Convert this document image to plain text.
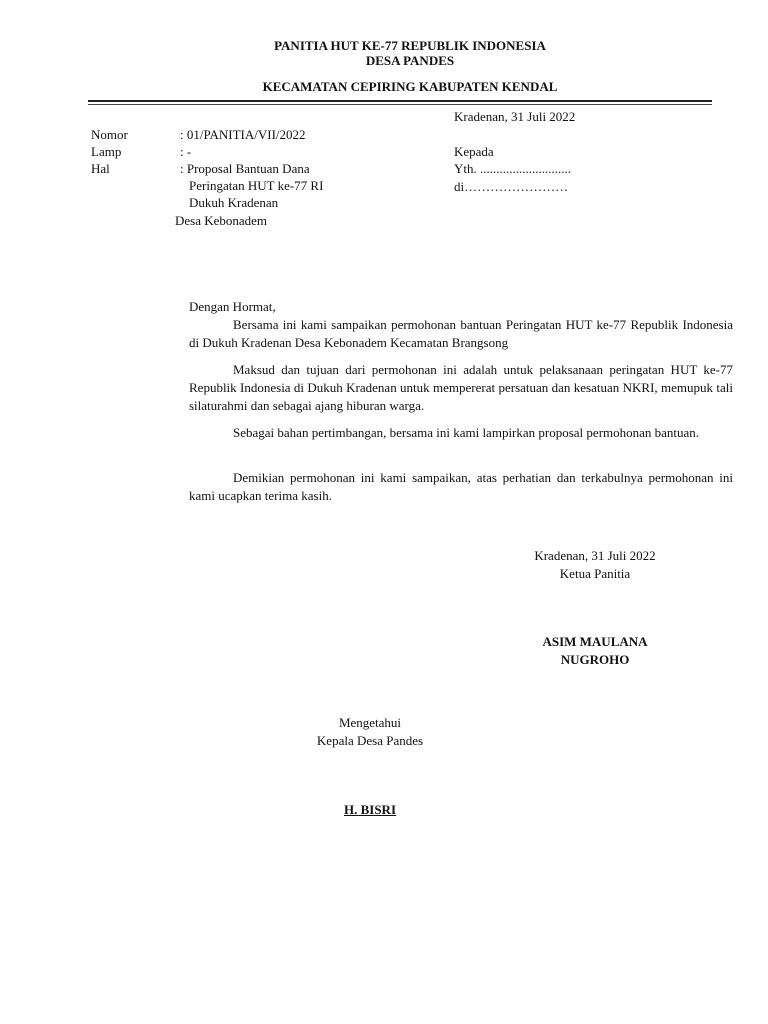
PANITIA HUT KE-77 REPUBLIK INDONESIA
DESA PANDES
KECAMATAN CEPIRING KABUPATEN KENDAL
Kradenan, 31 Juli 2022
Nomor	: 01/PANITIA/VII/2022
Lamp	: -
Hal	: Proposal Bantuan Dana
Peringatan HUT ke-77 RI
Dukuh Kradenan
Desa Kebonadem
Kepada
Yth. ............................
di……………………
Dengan Hormat,
Bersama ini kami sampaikan permohonan bantuan Peringatan HUT ke-77 Republik Indonesia di Dukuh Kradenan Desa Kebonadem Kecamatan Brangsong
Maksud dan tujuan dari permohonan ini adalah untuk pelaksanaan peringatan HUT ke-77 Republik Indonesia di Dukuh Kradenan untuk mempererat persatuan dan kesatuan NKRI, memupuk tali silaturahmi dan sebagai ajang hiburan warga.
Sebagai bahan pertimbangan, bersama ini kami lampirkan proposal permohonan bantuan.
Demikian permohonan ini kami sampaikan, atas perhatian dan terkabulnya permohonan ini kami ucapkan terima kasih.
Kradenan, 31 Juli 2022
Ketua Panitia
ASIM MAULANA
NUGROHO
Mengetahui
Kepala Desa Pandes
H. BISRI
